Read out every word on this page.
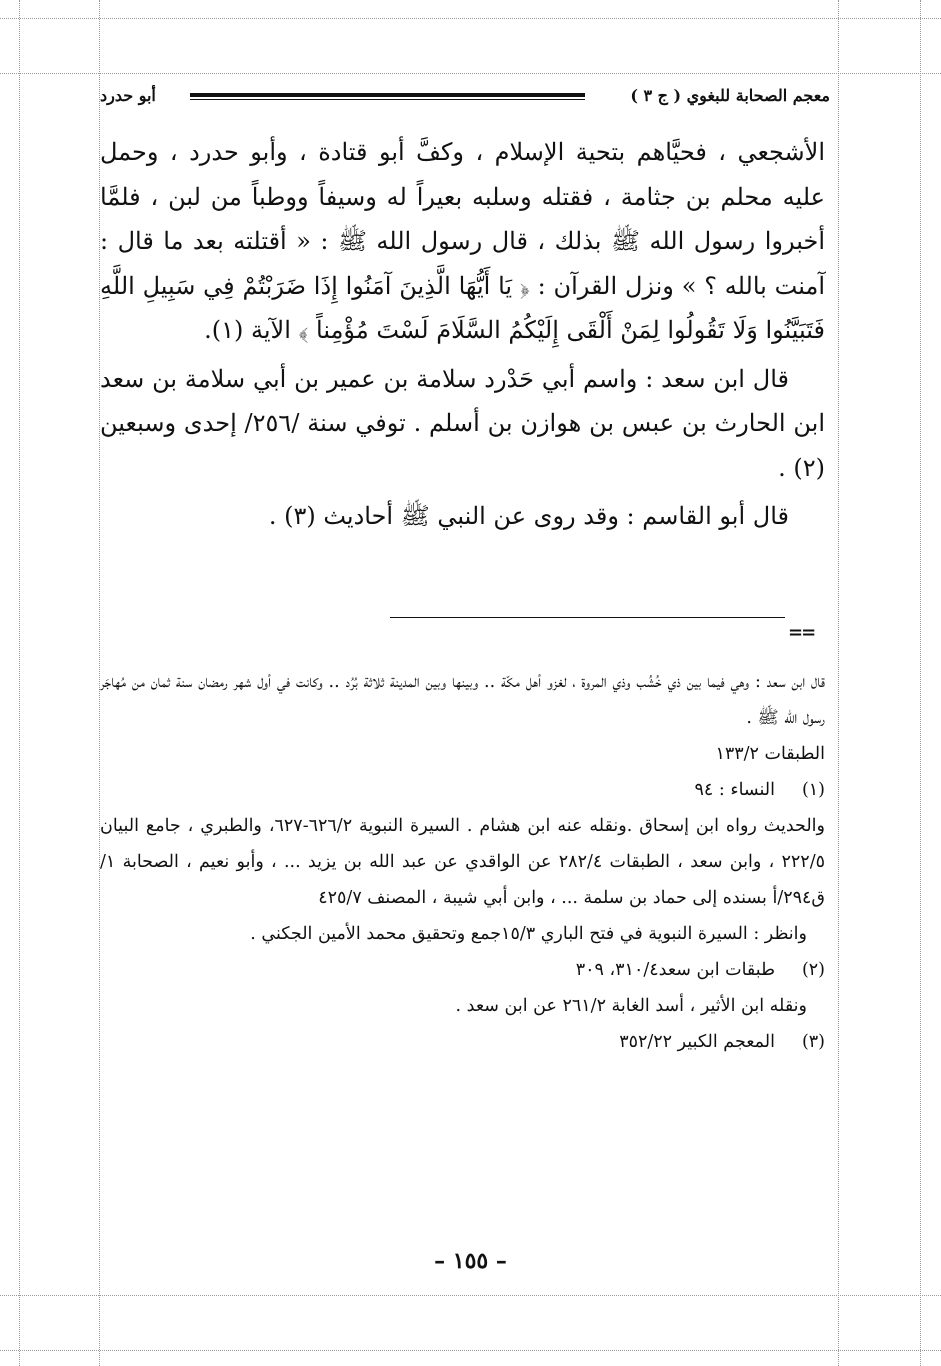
معجم الصحابة للبغوي ( ج ٣ )
أبو حدرد

الأشجعي ، فحيَّاهم بتحية الإسلام ، وكفَّ أبو قتادة ، وأبو حدرد ، وحمل عليه محلم بن جثامة ، فقتله وسلبه بعيراً له وسيفاً ووطباً من لبن ، فلمَّا أخبروا رسول الله ﷺ بذلك ، قال رسول الله ﷺ : « أقتلته بعد ما قال : آمنت بالله ؟ » ونزل القرآن : ﴿ يَا أَيُّهَا الَّذِينَ آمَنُوا إِذَا ضَرَبْتُمْ فِي سَبِيلِ اللَّهِ فَتَبَيَّنُوا وَلَا تَقُولُوا لِمَنْ أَلْقَى إِلَيْكُمُ السَّلَامَ لَسْتَ مُؤْمِناً ﴾ الآية (١).

قال ابن سعد : واسم أبي حَدْرد سلامة بن عمير بن أبي سلامة بن سعد ابن الحارث بن عبس بن هوازن بن أسلم . توفي سنة /٢٥٦/ إحدى وسبعين (٢) .

قال أبو القاسم : وقد روى عن النبي ﷺ أحاديث (٣) .

==

قال ابن سعد : وهي فيما بين ذي خُشُب وذي المروة ، لغزو أهل مكّة .. وبينها وبين المدينة ثلاثة بُرُد .. وكانت في أول شهر رمضان سنة ثمان من مُهاجَر رسول الله ﷺ .

الطبقات ١٣٣/٢

(١)
النساء : ٩٤

والحديث رواه ابن إسحاق .ونقله عنه ابن هشام . السيرة النبوية ٦٢٦/٢-٦٢٧، والطبري ، جامع البيان ٢٢٢/٥ ، وابن سعد ، الطبقات ٢٨٢/٤ عن الواقدي عن عبد الله بن يزيد ... ، وأبو نعيم ، الصحابة ١/ق٢٩٤/أ بسنده إلى حماد بن سلمة ... ، وابن أبي شيبة ، المصنف ٤٢٥/٧

وانظر : السيرة النبوية في فتح الباري ١٥/٣جمع وتحقيق محمد الأمين الجكني .

(٢)
طبقات ابن سعد٣١٠/٤، ٣٠٩

ونقله ابن الأثير ، أسد الغابة ٢٦١/٢ عن ابن سعد .

(٣)
المعجم الكبير ٣٥٢/٢٢

– ١٥٥ –
